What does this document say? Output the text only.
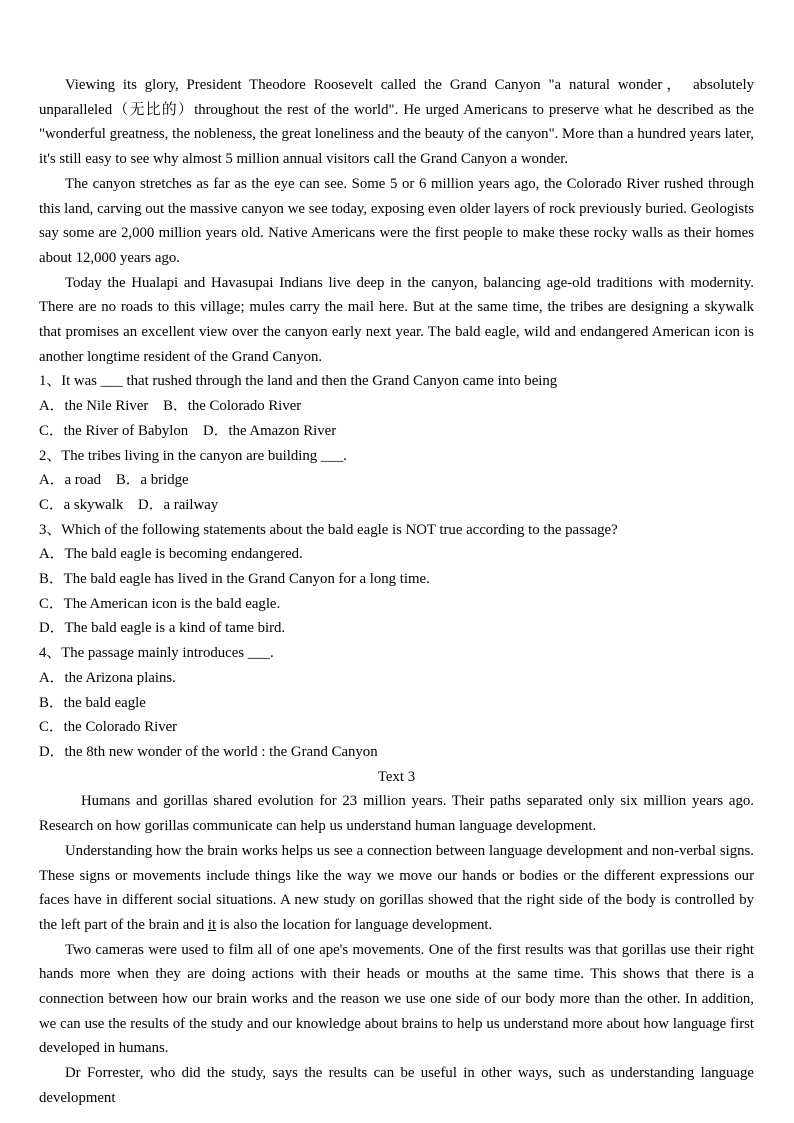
Viewing its glory, President Theodore Roosevelt called the Grand Canyon "a natural wonder， absolutely unparalleled（无比的）throughout the rest of the world". He urged Americans to preserve what he described as the "wonderful greatness, the nobleness, the great loneliness and the beauty of the canyon". More than a hundred years later, it's still easy to see why almost 5 million annual visitors call the Grand Canyon a wonder.

The canyon stretches as far as the eye can see. Some 5 or 6 million years ago, the Colorado River rushed through this land, carving out the massive canyon we see today, exposing even older layers of rock previously buried. Geologists say some are 2,000 million years old. Native Americans were the first people to make these rocky walls as their homes about 12,000 years ago.

Today the Hualapi and Havasupai Indians live deep in the canyon, balancing age-old traditions with modernity. There are no roads to this village; mules carry the mail here. But at the same time, the tribes are designing a skywalk that promises an excellent view over the canyon early next year. The bald eagle, wild and endangered American icon is another longtime resident of the Grand Canyon.

1、It was ___ that rushed through the land and then the Grand Canyon came into being

A．the Nile River　B．the Colorado River

C．the River of Babylon　D．the Amazon River

2、The tribes living in the canyon are building ___.

A．a road　B．a bridge

C．a skywalk　D．a railway

3、Which of the following statements about the bald eagle is NOT true according to the passage?

A．The bald eagle is becoming endangered.

B．The bald eagle has lived in the Grand Canyon for a long time.

C．The American icon is the bald eagle.

D．The bald eagle is a kind of tame bird.

4、The passage mainly introduces ___.

A．the Arizona plains.

B．the bald eagle

C．the Colorado River

D．the 8th new wonder of the world : the Grand Canyon

Text 3

Humans and gorillas shared evolution for 23 million years. Their paths separated only six million years ago. Research on how gorillas communicate can help us understand human language development.

Understanding how the brain works helps us see a connection between language development and non-verbal signs. These signs or movements include things like the way we move our hands or bodies or the different expressions our faces have in different social situations. A new study on gorillas showed that the right side of the body is controlled by the left part of the brain and it is also the location for language development.

Two cameras were used to film all of one ape's movements. One of the first results was that gorillas use their right hands more when they are doing actions with their heads or mouths at the same time. This shows that there is a connection between how our brain works and the reason we use one side of our body more than the other. In addition, we can use the results of the study and our knowledge about brains to help us understand more about how language first developed in humans.

Dr Forrester, who did the study, says the results can be useful in other ways, such as understanding language development
